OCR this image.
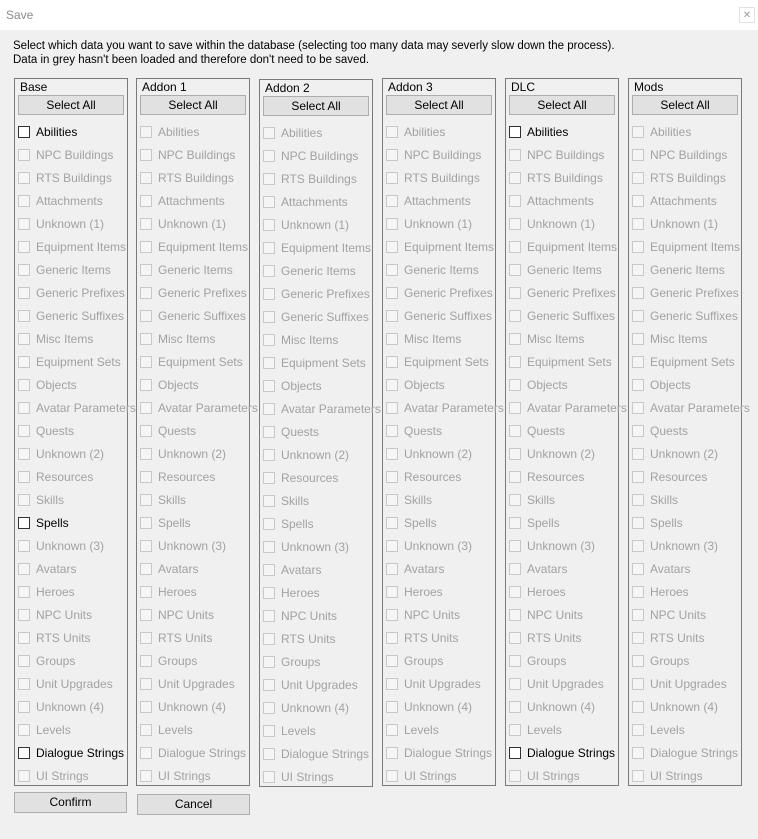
Save	✕
Select which data you want to save within the database (selecting too many data may severly slow down the process).
Data in grey hasn't been loaded and therefore don't need to be saved.
Base
Select All
Abilities
NPC Buildings
RTS Buildings
Attachments
Unknown (1)
Equipment Items
Generic Items
Generic Prefixes
Generic Suffixes
Misc Items
Equipment Sets
Objects
Avatar Parameters
Quests
Unknown (2)
Resources
Skills
Spells
Unknown (3)
Avatars
Heroes
NPC Units
RTS Units
Groups
Unit Upgrades
Unknown (4)
Levels
Dialogue Strings
UI Strings
Addon 1
Select All
Abilities
NPC Buildings
RTS Buildings
Attachments
Unknown (1)
Equipment Items
Generic Items
Generic Prefixes
Generic Suffixes
Misc Items
Equipment Sets
Objects
Avatar Parameters
Quests
Unknown (2)
Resources
Skills
Spells
Unknown (3)
Avatars
Heroes
NPC Units
RTS Units
Groups
Unit Upgrades
Unknown (4)
Levels
Dialogue Strings
UI Strings
Addon 2
Select All
Abilities
NPC Buildings
RTS Buildings
Attachments
Unknown (1)
Equipment Items
Generic Items
Generic Prefixes
Generic Suffixes
Misc Items
Equipment Sets
Objects
Avatar Parameters
Quests
Unknown (2)
Resources
Skills
Spells
Unknown (3)
Avatars
Heroes
NPC Units
RTS Units
Groups
Unit Upgrades
Unknown (4)
Levels
Dialogue Strings
UI Strings
Addon 3
Select All
Abilities
NPC Buildings
RTS Buildings
Attachments
Unknown (1)
Equipment Items
Generic Items
Generic Prefixes
Generic Suffixes
Misc Items
Equipment Sets
Objects
Avatar Parameters
Quests
Unknown (2)
Resources
Skills
Spells
Unknown (3)
Avatars
Heroes
NPC Units
RTS Units
Groups
Unit Upgrades
Unknown (4)
Levels
Dialogue Strings
UI Strings
DLC
Select All
Abilities
NPC Buildings
RTS Buildings
Attachments
Unknown (1)
Equipment Items
Generic Items
Generic Prefixes
Generic Suffixes
Misc Items
Equipment Sets
Objects
Avatar Parameters
Quests
Unknown (2)
Resources
Skills
Spells
Unknown (3)
Avatars
Heroes
NPC Units
RTS Units
Groups
Unit Upgrades
Unknown (4)
Levels
Dialogue Strings
UI Strings
Mods
Select All
Abilities
NPC Buildings
RTS Buildings
Attachments
Unknown (1)
Equipment Items
Generic Items
Generic Prefixes
Generic Suffixes
Misc Items
Equipment Sets
Objects
Avatar Parameters
Quests
Unknown (2)
Resources
Skills
Spells
Unknown (3)
Avatars
Heroes
NPC Units
RTS Units
Groups
Unit Upgrades
Unknown (4)
Levels
Dialogue Strings
UI Strings
Confirm	Cancel
